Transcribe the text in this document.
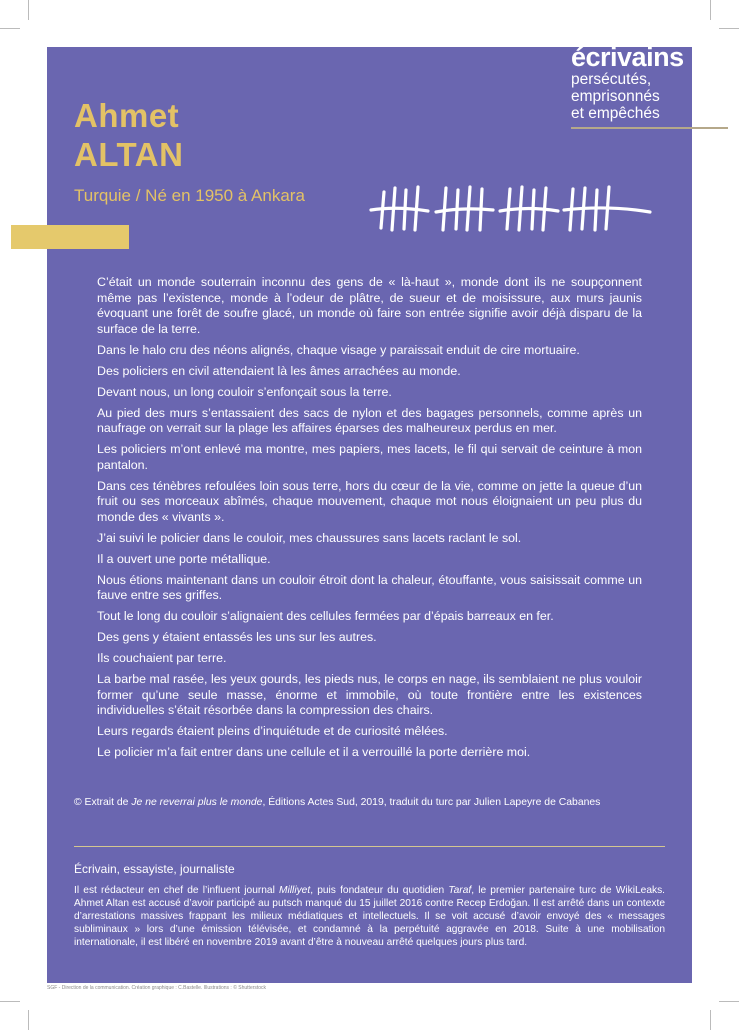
écrivains
persécutés,
emprisonnés
et empêchés
Ahmet
ALTAN
Turquie / Né en 1950 à Ankara

C’était un monde souterrain inconnu des gens de « là-haut », monde dont ils ne soupçonnent même pas l’existence, monde à l’odeur de plâtre, de sueur et de moisissure, aux murs jaunis évoquant une forêt de soufre glacé, un monde où faire son entrée signifie avoir déjà disparu de la surface de la terre.

Dans le halo cru des néons alignés, chaque visage y paraissait enduit de cire mortuaire.

Des policiers en civil attendaient là les âmes arrachées au monde.

Devant nous, un long couloir s’enfonçait sous la terre.

Au pied des murs s’entassaient des sacs de nylon et des bagages personnels, comme après un naufrage on verrait sur la plage les affaires éparses des malheureux perdus en mer.

Les policiers m’ont enlevé ma montre, mes papiers, mes lacets, le fil qui servait de ceinture à mon pantalon.

Dans ces ténèbres refoulées loin sous terre, hors du cœur de la vie, comme on jette la queue d’un fruit ou ses morceaux abîmés, chaque mouvement, chaque mot nous éloignaient un peu plus du monde des « vivants ».

J’ai suivi le policier dans le couloir, mes chaussures sans lacets raclant le sol.

Il a ouvert une porte métallique.

Nous étions maintenant dans un couloir étroit dont la chaleur, étouffante, vous saisissait comme un fauve entre ses griffes.

Tout le long du couloir s’alignaient des cellules fermées par d’épais barreaux en fer.

Des gens y étaient entassés les uns sur les autres.

Ils couchaient par terre.

La barbe mal rasée, les yeux gourds, les pieds nus, le corps en nage, ils semblaient ne plus vouloir former qu’une seule masse, énorme et immobile, où toute frontière entre les existences individuelles s’était résorbée dans la compression des chairs.

Leurs regards étaient pleins d’inquiétude et de curiosité mêlées.

Le policier m’a fait entrer dans une cellule et il a verrouillé la porte derrière moi.

© Extrait de Je ne reverrai plus le monde, Éditions Actes Sud, 2019, traduit du turc par Julien Lapeyre de Cabanes
Écrivain, essayiste, journaliste
Il est rédacteur en chef de l’influent journal Milliyet, puis fondateur du quotidien Taraf, le premier partenaire turc de WikiLeaks. Ahmet Altan est accusé d’avoir participé au putsch manqué du 15 juillet 2016 contre Recep Erdoğan. Il est arrêté dans un contexte d’arrestations massives frappant les milieux médiatiques et intellectuels. Il se voit accusé d’avoir envoyé des « messages subliminaux » lors d’une émission télévisée, et condamné à la perpétuité aggravée en 2018. Suite à une mobilisation internationale, il est libéré en novembre 2019 avant d’être à nouveau arrêté quelques jours plus tard.
SGF - Direction de la communication. Création graphique : C.Bastelle. Illustrations : © Shutterstock
